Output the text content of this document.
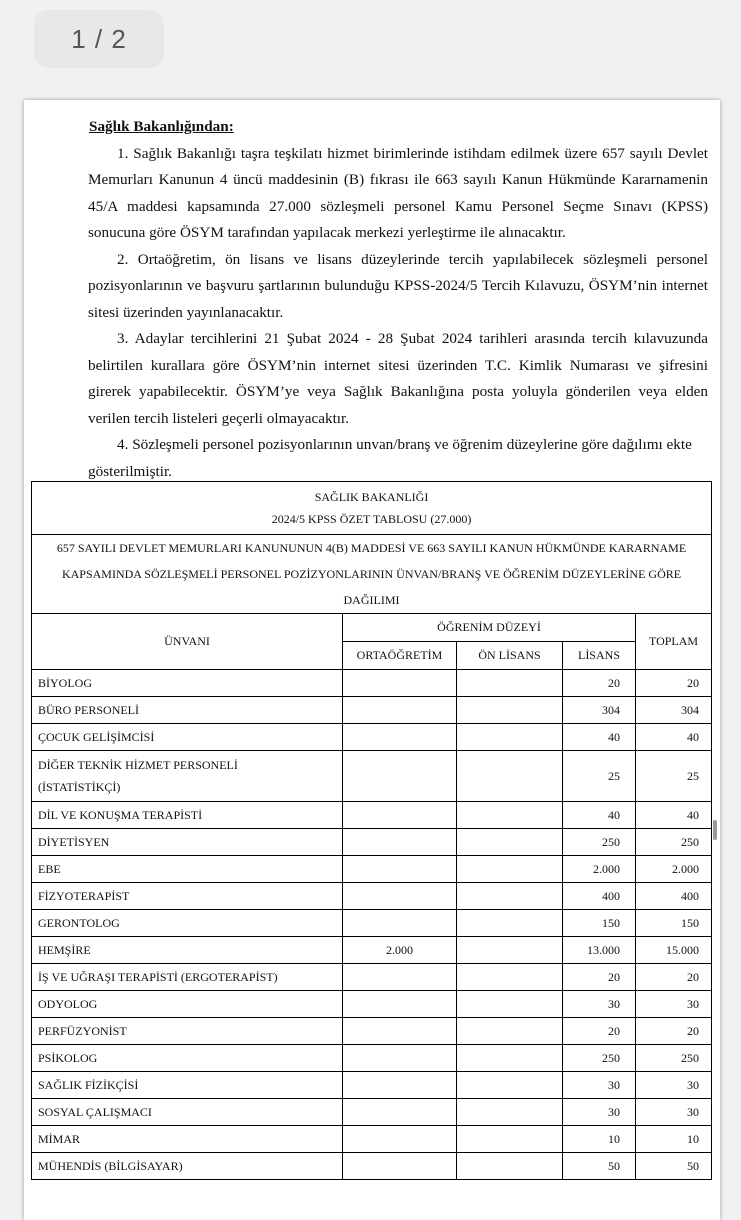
1 / 2
Sağlık Bakanlığından:

1. Sağlık Bakanlığı taşra teşkilatı hizmet birimlerinde istihdam edilmek üzere 657 sayılı Devlet Memurları Kanunun 4 üncü maddesinin (B) fıkrası ile 663 sayılı Kanun Hükmünde Kararnamenin 45/A maddesi kapsamında 27.000 sözleşmeli personel Kamu Personel Seçme Sınavı (KPSS) sonucuna göre ÖSYM tarafından yapılacak merkezi yerleştirme ile alınacaktır.

2. Ortaöğretim, ön lisans ve lisans düzeylerinde tercih yapılabilecek sözleşmeli personel pozisyonlarının ve başvuru şartlarının bulunduğu KPSS-2024/5 Tercih Kılavuzu, ÖSYM’nin internet sitesi üzerinden yayınlanacaktır.

3. Adaylar tercihlerini 21 Şubat 2024 - 28 Şubat 2024 tarihleri arasında tercih kılavuzunda belirtilen kurallara göre ÖSYM’nin internet sitesi üzerinden T.C. Kimlik Numarası ve şifresini girerek yapabilecektir. ÖSYM’ye veya Sağlık Bakanlığına posta yoluyla gönderilen veya elden verilen tercih listeleri geçerli olmayacaktır.

4. Sözleşmeli personel pozisyonlarının unvan/branş ve öğrenim düzeylerine göre dağılımı ekte gösterilmiştir.

SAĞLIK BAKANLIĞI
2024/5 KPSS ÖZET TABLOSU (27.000)				

657 SAYILI DEVLET MEMURLARI KANUNUNUN 4(B) MADDESİ VE 663 SAYILI KANUN HÜKMÜNDE KARARNAME KAPSAMINDA SÖZLEŞMELİ PERSONEL POZİZYONLARININ ÜNVAN/BRANŞ VE ÖĞRENİM DÜZEYLERİNE GÖRE DAĞILIMI				
ÜNVANI	ÖĞRENİM DÜZEYİ			TOPLAM
	ORTAÖĞRETİM	ÖN LİSANS	LİSANS	
BİYOLOG			20	20
BÜRO PERSONELİ			304	304
ÇOCUK GELİŞİMCİSİ			40	40

DİĞER TEKNİK HİZMET PERSONELİ
(İSTATİSTİKÇİ)			25	25
DİL VE KONUŞMA TERAPİSTİ			40	40
DİYETİSYEN			250	250
EBE			2.000	2.000
FİZYOTERAPİST			400	400
GERONTOLOG			150	150
HEMŞİRE	2.000		13.000	15.000
İŞ VE UĞRAŞI TERAPİSTİ (ERGOTERAPİST)			20	20
ODYOLOG			30	30
PERFÜZYONİST			20	20
PSİKOLOG			250	250
SAĞLIK FİZİKÇİSİ			30	30
SOSYAL ÇALIŞMACI			30	30
MİMAR			10	10
MÜHENDİS (BİLGİSAYAR)			50	50
